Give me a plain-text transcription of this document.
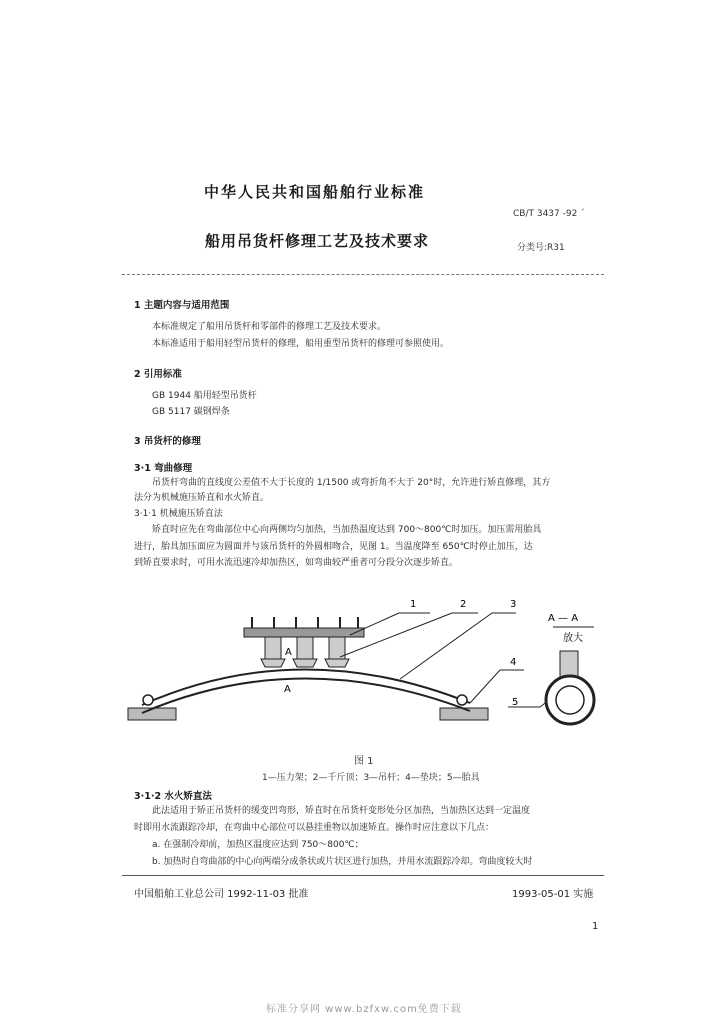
中华人民共和国船舶行业标准
CB/T 3437 -92 ´
船用吊货杆修理工艺及技术要求	分类号:R31
1 主题内容与适用范围
本标准规定了船用吊货杆和零部件的修理工艺及技术要求。
本标准适用于船用轻型吊货杆的修理，船用重型吊货杆的修理可参照使用。
2 引用标准
GB 1944 船用轻型吊货杆
GB 5117 碳钢焊条
3 吊货杆的修理
3·1 弯曲修理
吊货杆弯曲的直线度公差值不大于长度的 1/1500 或弯折角不大于 20°时，允许进行矫直修理，其方
法分为机械施压矫直和水火矫直。
3·1·1 机械施压矫直法
矫直时应先在弯曲部位中心向两侧均匀加热，当加热温度达到 700～800℃时加压。加压需用胎具
进行，胎具加压面应为圆面并与该吊货杆的外圆相吻合，见图 1。当温度降至 650℃时停止加压，达
到矫直要求时，可用水流迅速冷却加热区，如弯曲较严重者可分段分次逐步矫直。
1	2	3
4
5
A
A
A — A
放大
图 1
1—压力架；2—千斤顶；3—吊杆；4—垫块；5—胎具
3·1·2 水火矫直法
此法适用于矫正吊货杆的缓变凹弯形，矫直时在吊货杆变形处分区加热，当加热区达到一定温度
时即用水流跟踪冷却，在弯曲中心部位可以悬挂重物以加速矫直。操作时应注意以下几点：
a. 在强制冷却前，加热区温度应达到 750～800℃；
b. 加热时自弯曲部的中心向两端分成条状或片状区进行加热，并用水流跟踪冷却。弯曲度较大时
中国船舶工业总公司 1992-11-03 批准	1993-05-01 实施
1
标准分享网 www.bzfxw.com免费下载
